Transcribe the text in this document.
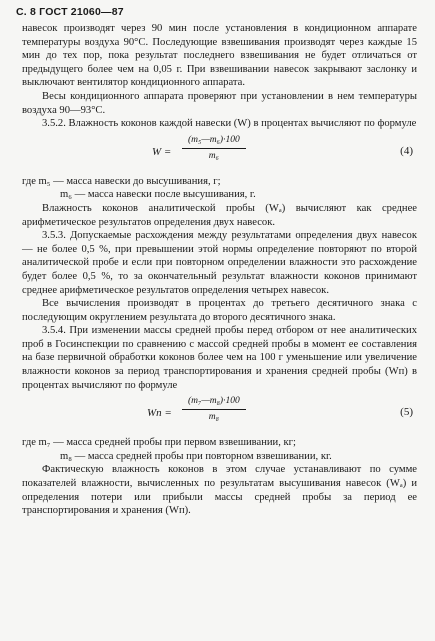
С. 8 ГОСТ 21060—87

навесок производят через 90 мин после установления в кондиционном аппарате температуры воздуха 90°С. Последующие взвешивания производят через каждые 15 мин до тех пор, пока результат последнего взвешивания не будет отличаться от предыдущего более чем на 0,05 г. При взвешивании навесок закрывают заслонку и выключают вентилятор кондиционного аппарата.

Весы кондиционного аппарата проверяют при установлении в нем температуры воздуха 90—93°С.

3.5.2. Влажность коконов каждой навески (W) в процентах вычисляют по формуле

$W = \frac{\text{(m₅—m₆)·100}}{\text{m₆}}$	(4)

где m₅ — масса навески до высушивания, г;

m₆ — масса навески после высушивания, г.

Влажность коконов аналитической пробы (Wₐ) вычисляют как среднее арифметическое результатов определения двух навесок.

3.5.3. Допускаемые расхождения между результатами определения двух навесок — не более 0,5 %, при превышении этой нормы определение повторяют по второй аналитической пробе и если при повторном определении влажности это расхождение будет более 0,5 %, то за окончательный результат влажности коконов принимают среднее арифметическое результатов определения четырех навесок.

Все вычисления производят в процентах до третьего десятичного знака с последующим округлением результата до второго десятичного знака.

3.5.4. При изменении массы средней пробы перед отбором от нее аналитических проб в Госинспекции по сравнению с массой средней пробы в момент ее составления на базе первичной обработки коконов более чем на 100 г уменьшение или увеличение влажности коконов за период транспортирования и хранения средней пробы (Wп) в процентах вычисляют по формуле

Wп = $\frac{\text{(m₇—m₈)·100}}{\text{m₈}}$	(5)

где m₇ — масса средней пробы при первом взвешивании, кг;

m₈ — масса средней пробы при повторном взвешивании, кг.

Фактическую влажность коконов в этом случае устанавливают по сумме показателей влажности, вычисленных по результатам высушивания навесок (Wₐ) и определения потери или прибыли массы средней пробы за период ее транспортирования и хранения (Wп).
